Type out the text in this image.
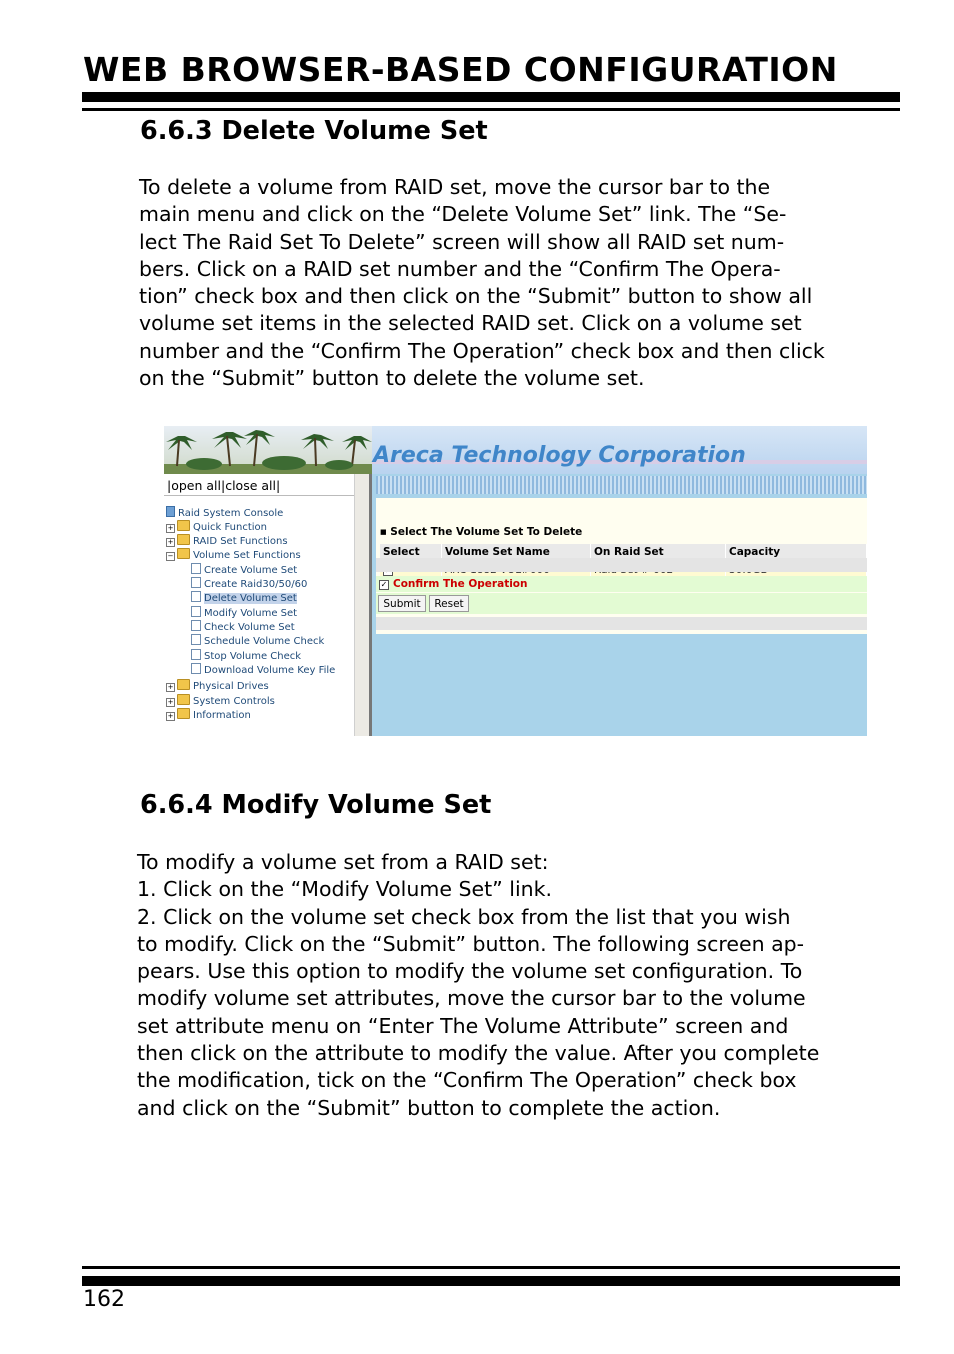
WEB BROWSER-BASED CONFIGURATION
6.6.3 Delete Volume Set
To delete a volume from RAID set, move the cursor bar to the
main menu and click on the “Delete Volume Set” link. The “Se-
lect The Raid Set To Delete” screen will show all RAID set num-
bers. Click on a RAID set number and the “Confirm The Opera-
tion” check box and then click on the “Submit” button to show all
volume set items in the selected RAID set. Click on a volume set
number and the “Confirm The Operation” check box and then click
on the “Submit” button to delete the volume set.
Areca Technology Corporation
|open all|close all|
Raid System Console
+ Quick Function
+ RAID Set Functions
− Volume Set Functions
Create Volume Set
Create Raid30/50/60
Delete Volume Set
Modify Volume Set
Check Volume Set
Schedule Volume Check
Stop Volume Check
Download Volume Key File
+ Physical Drives
+ System Controls
+ Information
■ Select The Volume Set To Delete
Select	Volume Set Name	On Raid Set	Capacity
✓ Confirm The Operation
Submit	Reset
6.6.4 Modify Volume Set
To modify a volume set from a RAID set:
1. Click on the “Modify Volume Set” link.
2. Click on the volume set check box from the list that you wish
to modify. Click on the “Submit” button. The following screen ap-
pears. Use this option to modify the volume set configuration. To
modify volume set attributes, move the cursor bar to the volume
set attribute menu on “Enter The Volume Attribute” screen and
then click on the attribute to modify the value. After you complete
the modification, tick on the “Confirm The Operation” check box
and click on the “Submit” button to complete the action.
162
